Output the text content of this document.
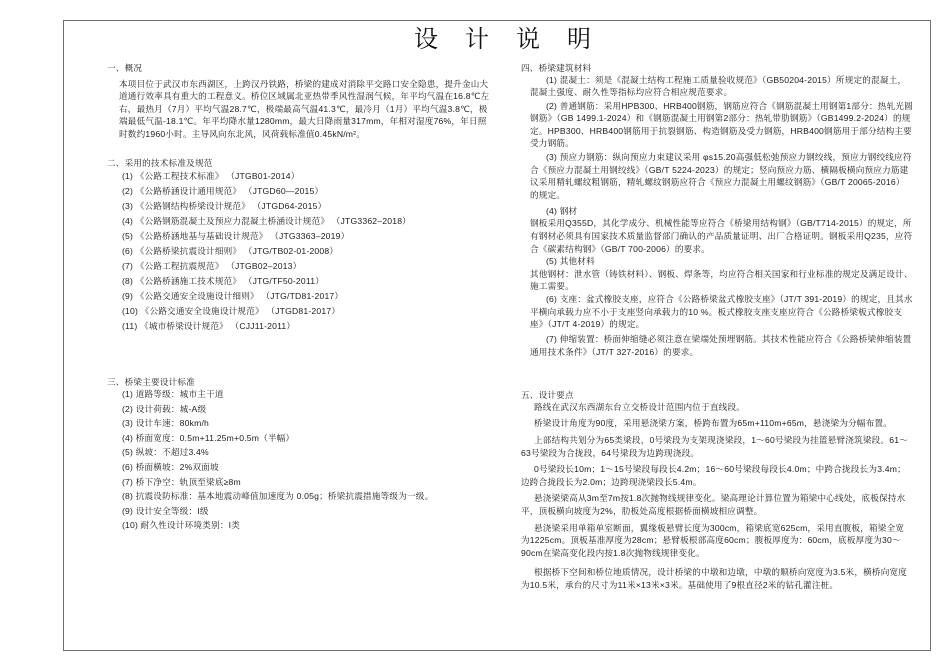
设计说明
一、概况

本项目位于武汉市东西湖区，上跨汉丹铁路，桥梁的建成对消除平交路口安全隐患，提升金山大道通行效率具有重大的工程意义。桥位区域属北亚热带季风性湿润气候，年平均气温在16.8℃左右，最热月（7月）平均气温28.7℃，极端最高气温41.3℃，最冷月（1月）平均气温3.8℃，极端最低气温-18.1℃。年平均降水量1280mm，最大日降雨量317mm，年相对湿度76%，年日照时数约1960小时。主导风向东北风，风荷载标准值0.45kN/m²。

二、采用的技术标准及规范
(1) 《公路工程技术标准》 （JTGB01-2014）
(2) 《公路桥涵设计通用规范》 （JTGD60—2015）
(3) 《公路钢结构桥梁设计规范》 （JTGD64-2015）
(4) 《公路钢筋混凝土及预应力混凝土桥涵设计规范》 （JTG3362–2018）
(5) 《公路桥涵地基与基础设计规范》 （JTG3363–2019）
(6) 《公路桥梁抗震设计细则》 （JTG/TB02-01-2008）
(7) 《公路工程抗震规范》 （JTGB02–2013）
(8) 《公路桥涵施工技术规范》 （JTG/TF50-2011）
(9) 《公路交通安全设施设计细则》 （JTG/TD81-2017）
(10) 《公路交通安全设施设计规范》 （JTGD81-2017）
(11) 《城市桥梁设计规范》 （CJJ11-2011）
三、桥梁主要设计标准
(1) 道路等级：城市主干道
(2) 设计荷载：城-A级
(3) 设计车速：80km/h
(4) 桥面宽度：0.5m+11.25m+0.5m（半幅）
(5) 纵坡：不超过3.4%
(6) 桥面横坡：2%双面坡
(7) 桥下净空：轨顶至梁底≥8m
(8) 抗震设防标准：基本地震动峰值加速度为 0.05g；桥梁抗震措施等级为一级。
(9) 设计安全等级：I级
(10) 耐久性设计环境类别：I类
四、桥梁建筑材料

(1) 混凝土：须是《混凝土结构工程施工质量验收规范》（GB50204-2015）所规定的混凝土，混凝土强度、耐久性等指标均应符合相应规范要求。

(2) 普通钢筋：采用HPB300、HRB400钢筋，钢筋应符合《钢筋混凝土用钢第1部分：热轧光圆钢筋》（GB 1499.1-2024）和《钢筋混凝土用钢第2部分：热轧带肋钢筋》（GB1499.2-2024）的规定。HPB300、HRB400钢筋用于抗裂钢筋、构造钢筋及受力钢筋，HRB400钢筋用于部分结构主要受力钢筋。

(3) 预应力钢筋：纵向预应力束建议采用 φs15.20高强低松弛预应力钢绞线，预应力钢绞线应符合《预应力混凝土用钢绞线》（GB/T 5224-2023）的规定；竖向预应力筋、横隔板横向预应力筋建议采用精轧螺纹粗钢筋，精轧螺纹钢筋应符合《预应力混凝土用螺纹钢筋》（GB/T 20065-2016）的规定。

(4) 钢材

钢板采用Q355D，其化学成分、机械性能等应符合《桥梁用结构钢》（GB/T714-2015）的规定，所有钢材必须具有国家技术质量监督部门确认的产品质量证明、出厂合格证明。钢板采用Q235，应符合《碳素结构钢》（GB/T 700-2006）的要求。

(5) 其他材料

其他钢材：泄水管（铸铁材料）、钢板、焊条等，均应符合相关国家和行业标准的规定及满足设计、施工需要。

(6) 支座：盆式橡胶支座，应符合《公路桥梁盆式橡胶支座》（JT/T 391-2019）的规定，且其水平横向承载力应不小于支座竖向承载力的10 %。板式橡胶支座支座应符合《公路桥梁板式橡胶支座》（JT/T 4-2019）的规定。

(7) 伸缩装置：桥面伸缩缝必须注意在梁端处预埋钢筋。其技术性能应符合《公路桥梁伸缩装置通用技术条件》（JT/T 327-2016）的要求。

五、设计要点

路线在武汉东西湖东台立交桥设计范围内位于直线段。

桥梁设计角度为90度，采用悬浇梁方案，桥跨布置为65m+110m+65m，悬浇梁为分幅布置。

上部结构共划分为65类梁段，0号梁段为支架现浇梁段，1～60号梁段为挂篮悬臂浇筑梁段。61～63号梁段为合拢段，64号梁段为边跨现浇段。

0号梁段长10m；1～15号梁段每段长4.2m；16～60号梁段每段长4.0m；中跨合拢段长为3.4m；边跨合拢段长为2.0m；边跨现浇梁段长5.4m。

悬浇梁梁高从3m至7m按1.8次抛物线规律变化。梁高理论计算位置为箱梁中心线处，底板保持水平，顶板横向坡度为2%，肋板处高度根据桥面横坡相应调整。

悬浇梁采用单箱单室断面，翼缘板悬臂长度为300cm，箱梁底宽625cm，采用直腹板，箱梁全宽为1225cm。顶板基准厚度为28cm；悬臂板根部高度60cm；腹板厚度为：60cm，底板厚度为30～90cm在梁高变化段内按1.8次抛物线规律变化。

根据桥下空间和桥位地质情况，设计桥梁的中墩和边墩，中墩的顺桥向宽度为3.5米，横桥向宽度为10.5米，承台的尺寸为11米×13米×3米。基础使用了9根直径2米的钻孔灌注桩。
